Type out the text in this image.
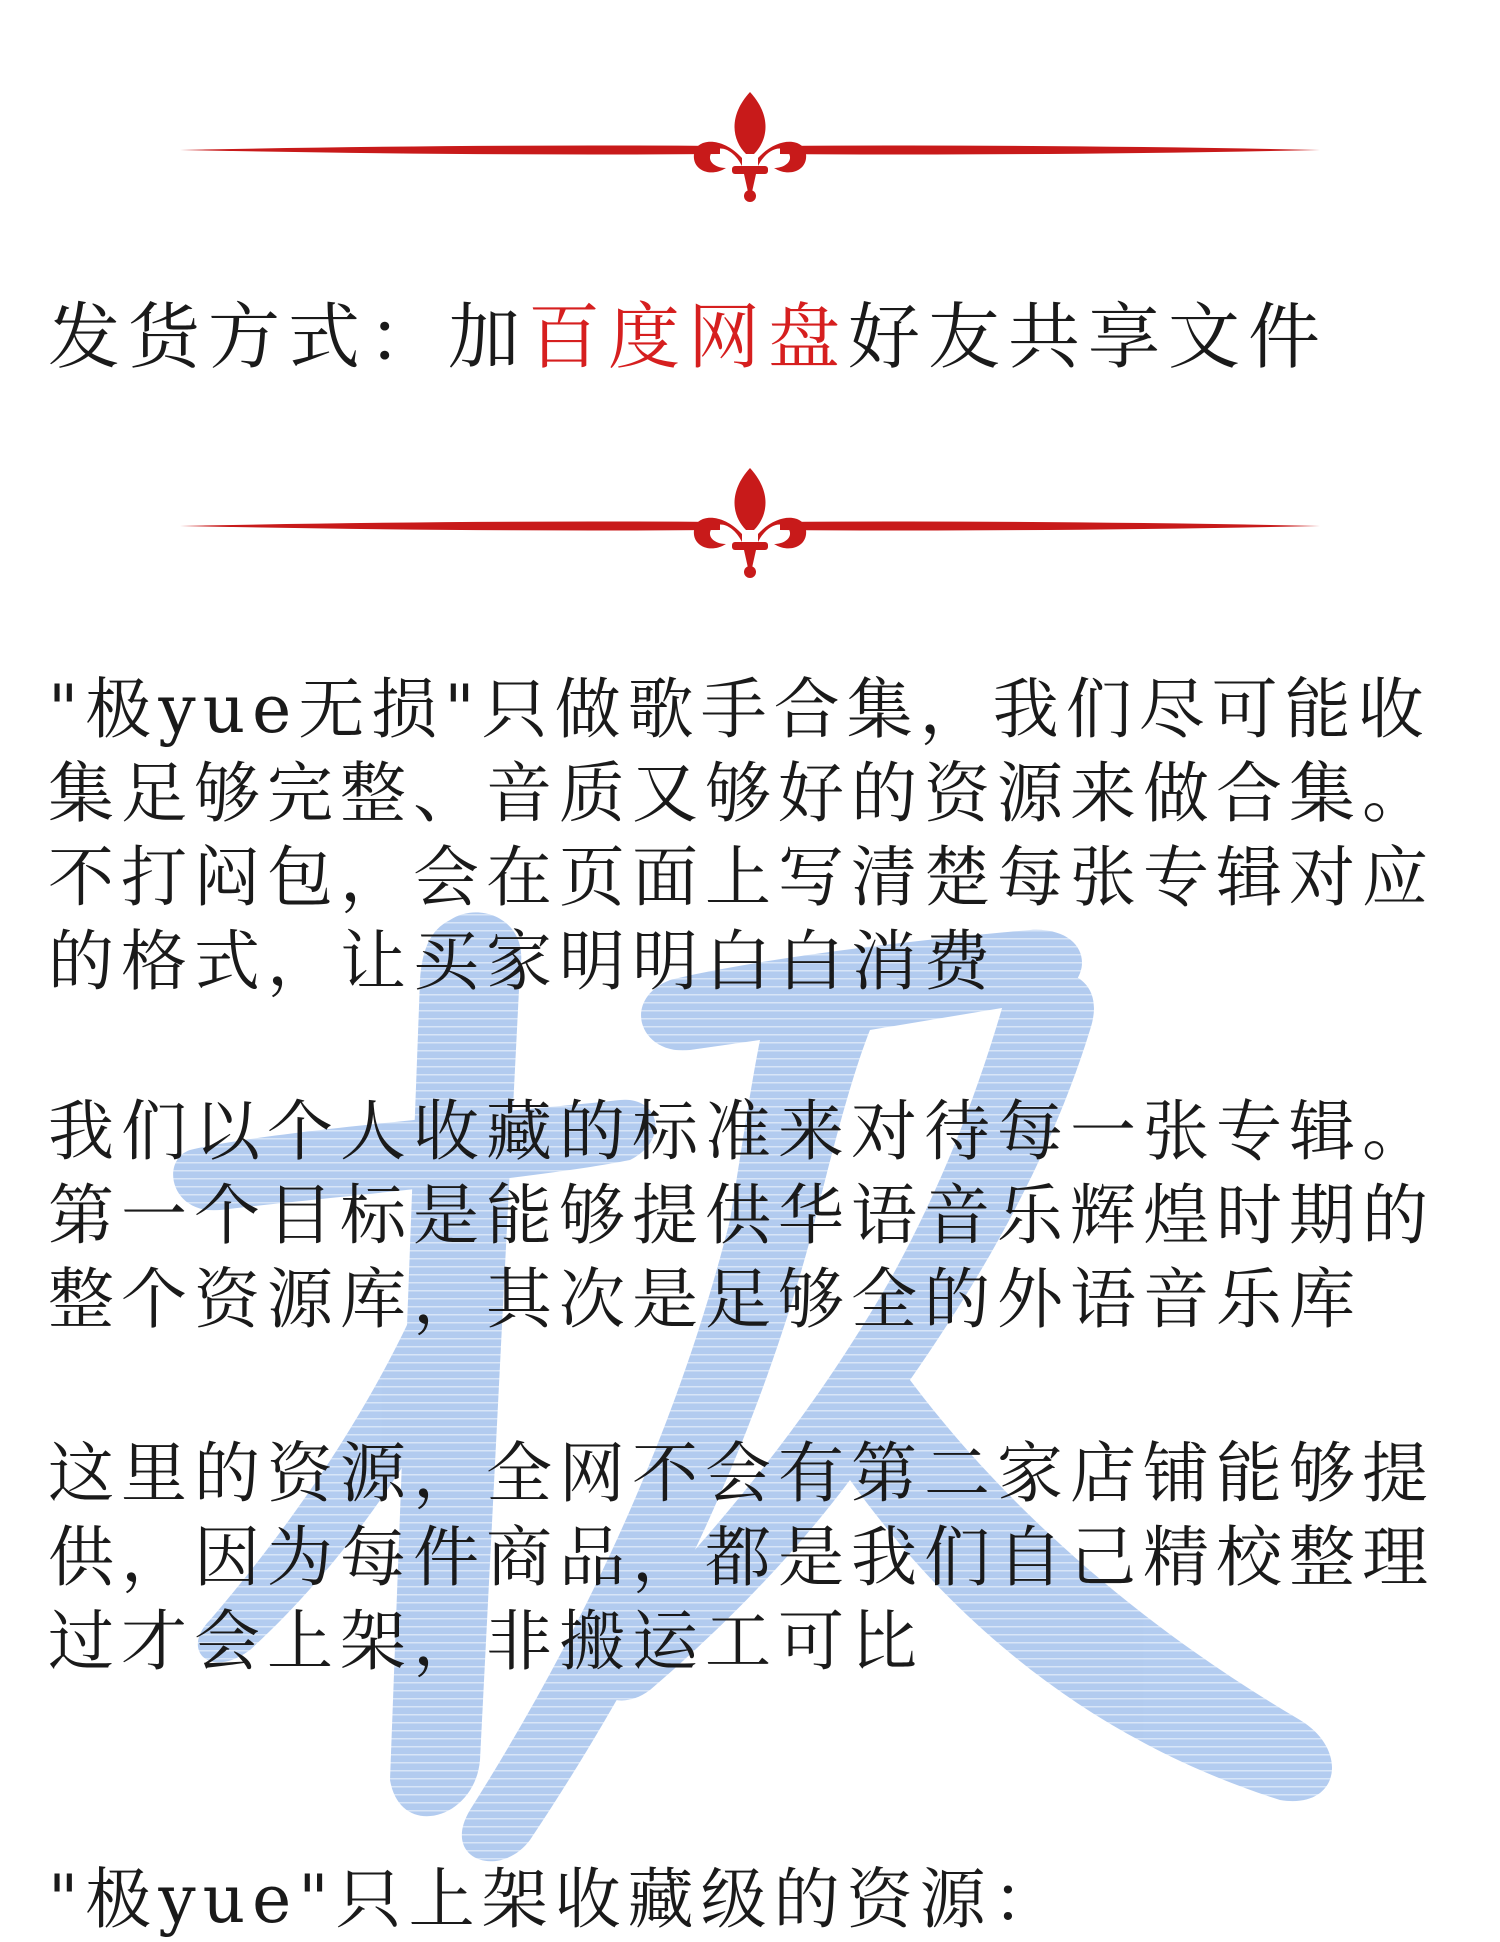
发货方式：加百度网盘好友共享文件

"极yue无损"只做歌手合集，我们尽可能收集足够完整、音质又够好的资源来做合集。不打闷包，会在页面上写清楚每张专辑对应的格式，让买家明明白白消费

我们以个人收藏的标准来对待每一张专辑。第一个目标是能够提供华语音乐辉煌时期的整个资源库，其次是足够全的外语音乐库

这里的资源，全网不会有第二家店铺能够提供，因为每件商品，都是我们自己精校整理过才会上架，非搬运工可比

"极yue"只上架收藏级的资源：
